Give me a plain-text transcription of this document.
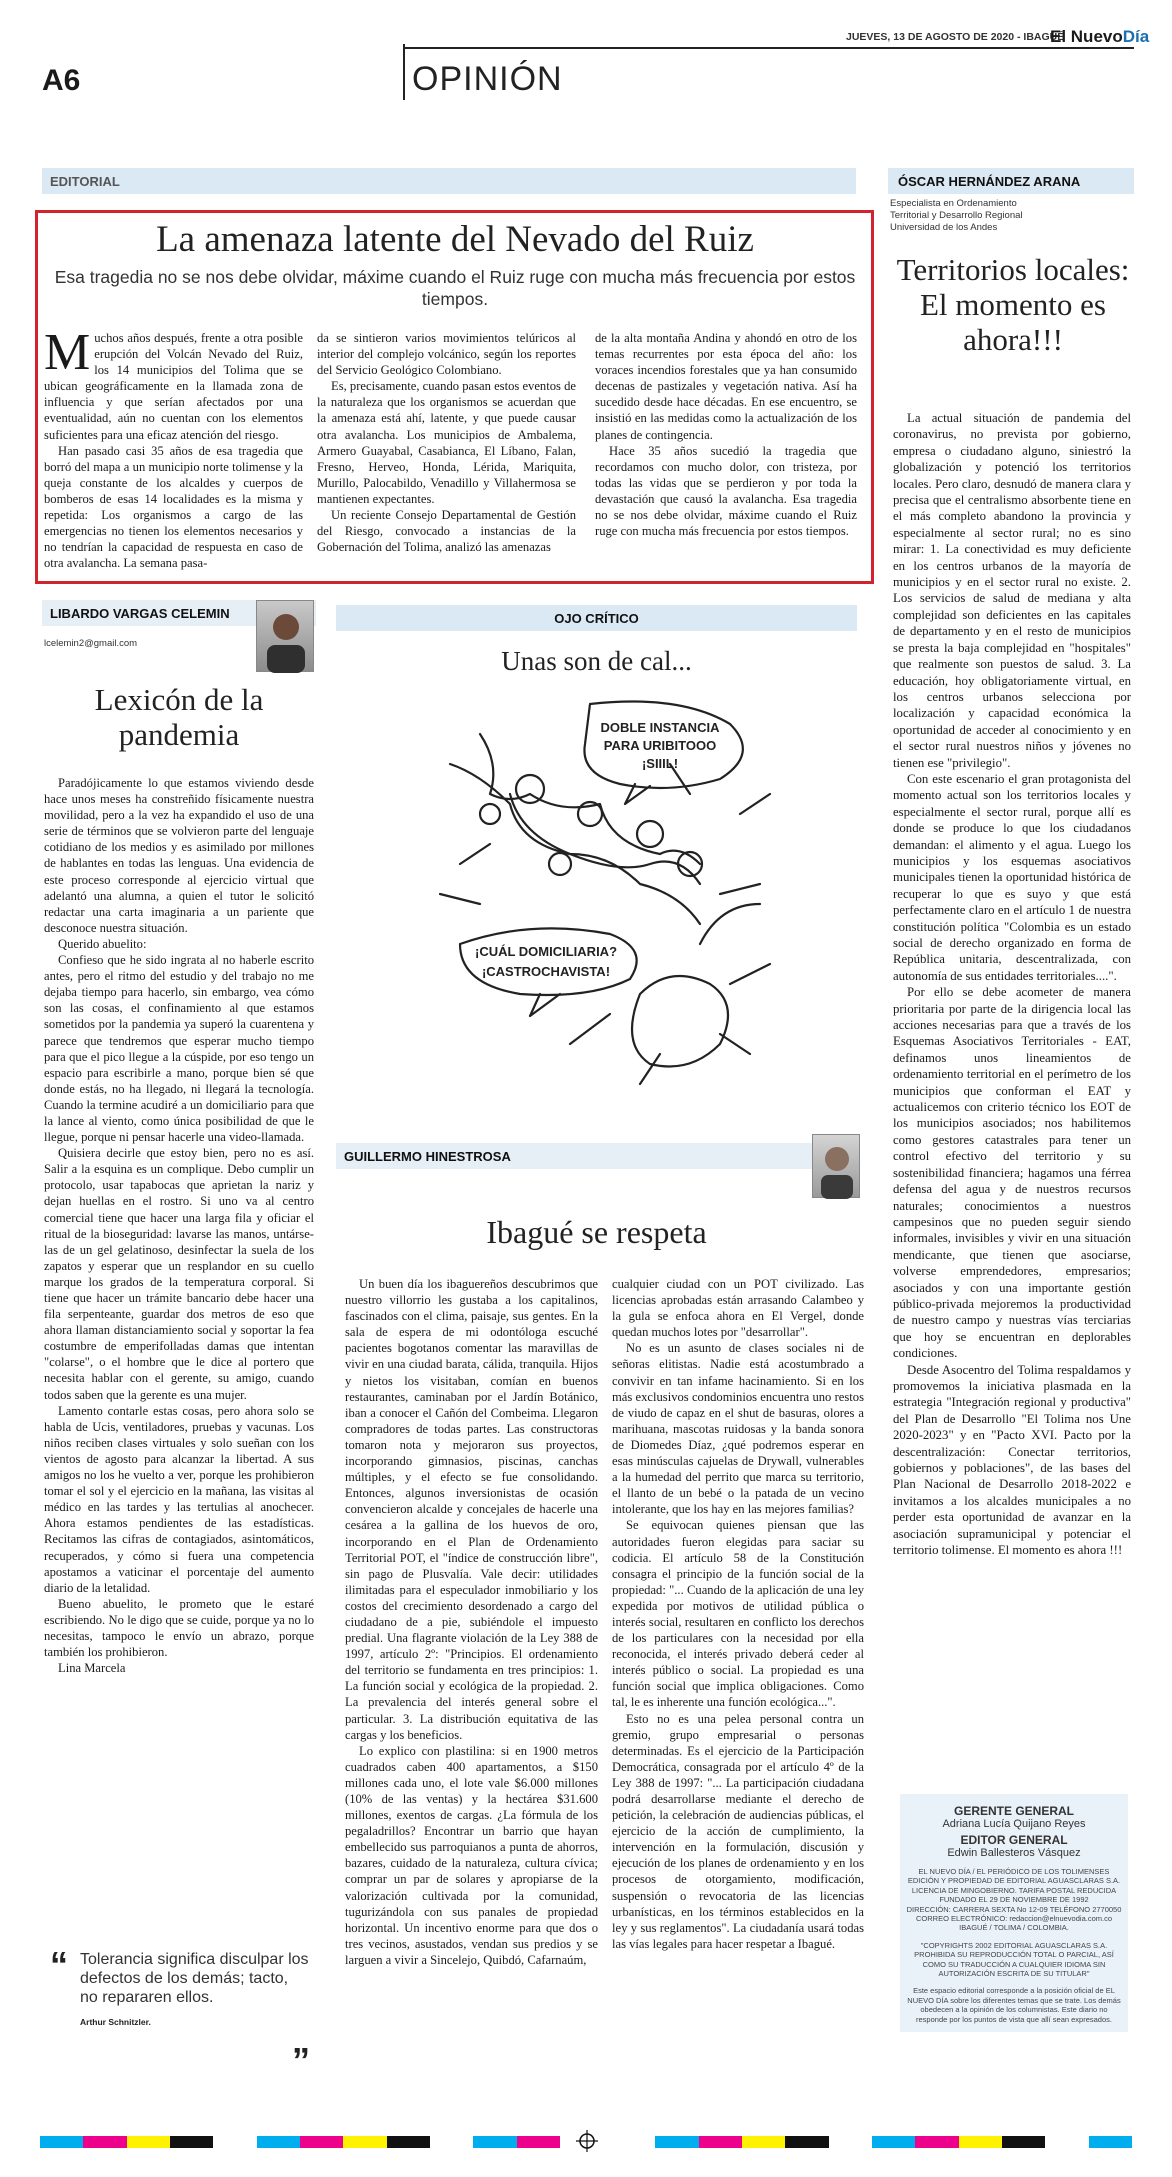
JUEVES, 13 DE AGOSTO DE 2020 - IBAGUÉ
El NuevoDía
A6	OPINIÓN
EDITORIAL
La amenaza latente del Nevado del Ruiz
Esa tragedia no se nos debe olvidar, máxime cuando el Ruiz ruge con mucha más frecuencia por estos tiempos.

Muchos años después, frente a otra posible erupción del Volcán Nevado del Ruiz, los 14 municipios del Tolima que se ubican geográficamente en la llamada zona de influencia y que serían afectados por una eventualidad, aún no cuentan con los elementos suficientes para una eficaz atención del riesgo.

Han pasado casi 35 años de esa tragedia que borró del mapa a un municipio norte tolimense y la queja constante de los alcaldes y cuerpos de bomberos de esas 14 localidades es la misma y repetida: Los organismos a cargo de las emergencias no tienen los elementos necesarios y no tendrían la capacidad de respuesta en caso de otra avalancha. La semana pasa-

da se sintieron varios movimientos telúricos al interior del complejo volcánico, según los reportes del Servicio Geológico Colombiano.

Es, precisamente, cuando pasan estos eventos de la naturaleza que los organismos se acuerdan que la amenaza está ahí, latente, y que puede causar otra avalancha. Los municipios de Ambalema, Armero Guayabal, Casabianca, El Líbano, Falan, Fresno, Herveo, Honda, Lérida, Mariquita, Murillo, Palocabildo, Venadillo y Villahermosa se mantienen expectantes.

Un reciente Consejo Departamental de Gestión del Riesgo, convocado a instancias de la Gobernación del Tolima, analizó las amenazas

de la alta montaña Andina y ahondó en otro de los temas recurrentes por esta época del año: los voraces incendios forestales que ya han consumido decenas de pastizales y vegetación nativa. Así ha sucedido desde hace décadas. En ese encuentro, se insistió en las medidas como la actualización de los planes de contingencia.

Hace 35 años sucedió la tragedia que recordamos con mucho dolor, con tristeza, por todas las vidas que se perdieron y por toda la devastación que causó la avalancha. Esa tragedia no se nos debe olvidar, máxime cuando el Ruiz ruge con mucha más frecuencia por estos tiempos.

ÓSCAR HERNÁNDEZ ARANA
Especialista en Ordenamiento
Territorial y Desarrollo Regional
Universidad de los Andes
Territorios locales: El momento es ahora!!!

La actual situación de pandemia del coronavirus, no prevista por gobierno, empresa o ciudadano alguno, siniestró la globalización y potenció los territorios locales. Pero claro, desnudó de manera clara y precisa que el centralismo absorbente tiene en el más completo abandono la provincia y especialmente al sector rural; no es sino mirar: 1. La conectividad es muy deficiente en los centros urbanos de la mayoría de municipios y en el sector rural no existe. 2. Los servicios de salud de mediana y alta complejidad son deficientes en las capitales de departamento y en el resto de municipios se presta la baja complejidad en "hospitales" que realmente son puestos de salud. 3. La educación, hoy obligatoriamente virtual, en los centros urbanos selecciona por localización y capacidad económica la oportunidad de acceder al conocimiento y en el sector rural nuestros niños y jóvenes no tienen ese "privilegio".

Con este escenario el gran protagonista del momento actual son los territorios locales y especialmente el sector rural, porque allí es donde se produce lo que los ciudadanos demandan: el alimento y el agua. Luego los municipios y los esquemas asociativos municipales tienen la oportunidad histórica de recuperar lo que es suyo y que está perfectamente claro en el artículo 1 de nuestra constitución política "Colombia es un estado social de derecho organizado en forma de República unitaria, descentralizada, con autonomía de sus entidades territoriales....".

Por ello se debe acometer de manera prioritaria por parte de la dirigencia local las acciones necesarias para que a través de los Esquemas Asociativos Territoriales - EAT, definamos unos lineamientos de ordenamiento territorial en el perímetro de los municipios que conforman el EAT y actualicemos con criterio técnico los EOT de los municipios asociados; nos habilitemos como gestores catastrales para tener un control efectivo del territorio y su sostenibilidad financiera; hagamos una férrea defensa del agua y de nuestros recursos naturales; conocimientos a nuestros campesinos que no pueden seguir siendo informales, invisibles y vivir en una situación mendicante, que tienen que asociarse, volverse emprendedores, empresarios; asociados y con una importante gestión público-privada mejoremos la productividad de nuestro campo y nuestras vías terciarias que hoy se encuentran en deplorables condiciones.

Desde Asocentro del Tolima respaldamos y promovemos la iniciativa plasmada en la estrategia "Integración regional y productiva" del Plan de Desarrollo "El Tolima nos Une 2020-2023" y en "Pacto XVI. Pacto por la descentralización: Conectar territorios, gobiernos y poblaciones", de las bases del Plan Nacional de Desarrollo 2018-2022 e invitamos a los alcaldes municipales a no perder esta oportunidad de avanzar en la asociación supramunicipal y potenciar el territorio tolimense. El momento es ahora !!!

GERENTE GENERAL
Adriana Lucía Quijano Reyes
EDITOR GENERAL
Edwin Ballesteros Vásquez
EL NUEVO DÍA / EL PERIÓDICO DE LOS TOLIMENSES
EDICIÓN Y PROPIEDAD DE EDITORIAL AGUASCLARAS S.A.
LICENCIA DE MINGOBIERNO. TARIFA POSTAL REDUCIDA
FUNDADO EL 29 DE NOVIEMBRE DE 1992
DIRECCIÓN: CARRERA SEXTA No 12-09 TELÉFONO 2770050
CORREO ELECTRÓNICO: redaccion@elnuevodia.com.co
IBAGUÉ / TOLIMA / COLOMBIA.
"COPYRIGHTS 2002 EDITORIAL AGUASCLARAS S.A. PROHIBIDA SU REPRODUCCIÓN TOTAL O PARCIAL, ASÍ COMO SU TRADUCCIÓN A CUALQUIER IDIOMA SIN AUTORIZACIÓN ESCRITA DE SU TITULAR"
Este espacio editorial corresponde a la posición oficial de EL NUEVO DÍA sobre los diferentes temas que se trate. Los demás obedecen a la opinión de los columnistas. Este diario no responde por los puntos de vista que allí sean expresados.
LIBARDO VARGAS CELEMIN
lcelemin2@gmail.com
Lexicón de la pandemia

Paradójicamente lo que estamos viviendo desde hace unos meses ha constreñido físicamente nuestra movilidad, pero a la vez ha expandido el uso de una serie de términos que se volvieron parte del lenguaje cotidiano de los medios y es asimilado por millones de hablantes en todas las lenguas. Una evidencia de este proceso corresponde al ejercicio virtual que adelantó una alumna, a quien el tutor le solicitó redactar una carta imaginaria a un pariente que desconoce nuestra situación.

Querido abuelito:

Confieso que he sido ingrata al no haberle escrito antes, pero el ritmo del estudio y del trabajo no me dejaba tiempo para hacerlo, sin embargo, vea cómo son las cosas, el confinamiento al que estamos sometidos por la pandemia ya superó la cuarentena y parece que tendremos que esperar mucho tiempo para que el pico llegue a la cúspide, por eso tengo un espacio para escribirle a mano, porque bien sé que donde estás, no ha llegado, ni llegará la tecnología. Cuando la termine acudiré a un domiciliario para que la lance al viento, como única posibilidad de que le llegue, porque ni pensar hacerle una video-llamada.

Quisiera decirle que estoy bien, pero no es así. Salir a la esquina es un complique. Debo cumplir un protocolo, usar tapabocas que aprietan la nariz y dejan huellas en el rostro. Si uno va al centro comercial tiene que hacer una larga fila y oficiar el ritual de la bioseguridad: lavarse las manos, untárselas de un gel gelatinoso, desinfectar la suela de los zapatos y esperar que un resplandor en su cuello marque los grados de la temperatura corporal. Si tiene que hacer un trámite bancario debe hacer una fila serpenteante, guardar dos metros de eso que ahora llaman distanciamiento social y soportar la fea costumbre de emperifolladas damas que intentan "colarse", o el hombre que le dice al portero que necesita hablar con el gerente, su amigo, cuando todos saben que la gerente es una mujer.

Lamento contarle estas cosas, pero ahora solo se habla de Ucis, ventiladores, pruebas y vacunas. Los niños reciben clases virtuales y solo sueñan con los vientos de agosto para alcanzar la libertad. A sus amigos no los he vuelto a ver, porque les prohibieron tomar el sol y el ejercicio en la mañana, las visitas al médico en las tardes y las tertulias al anochecer. Ahora estamos pendientes de las estadísticas. Recitamos las cifras de contagiados, asintomáticos, recuperados, y cómo si fuera una competencia apostamos a vaticinar el porcentaje del aumento diario de la letalidad.

Bueno abuelito, le prometo que le estaré escribiendo. No le digo que se cuide, porque ya no lo necesitas, tampoco le envío un abrazo, porque también los prohibieron.

Lina Marcela

“ Tolerancia significa disculpar los defectos de los demás; tacto, no repararen ellos.
Arthur Schnitzler.
”
OJO CRÍTICO
Unas son de cal...
DOBLE INSTANCIA
PARA URIBITOOO
¡SIIIL!
¡CUÁL DOMICILIARIA?
¡CASTROCHAVISTA!
GUILLERMO HINESTROSA
Ibagué se respeta

Un buen día los ibaguereños descubrimos que nuestro villorrio les gustaba a los capitalinos, fascinados con el clima, paisaje, sus gentes. En la sala de espera de mi odontóloga escuché pacientes bogotanos comentar las maravillas de vivir en una ciudad barata, cálida, tranquila. Hijos y nietos los visitaban, comían en buenos restaurantes, caminaban por el Jardín Botánico, iban a conocer el Cañón del Combeima. Llegaron compradores de todas partes. Las constructoras tomaron nota y mejoraron sus proyectos, incorporando gimnasios, piscinas, canchas múltiples, y el efecto se fue consolidando. Entonces, algunos inversionistas de ocasión convencieron alcalde y concejales de hacerle una cesárea a la gallina de los huevos de oro, incorporando en el Plan de Ordenamiento Territorial POT, el "índice de construcción libre", sin pago de Plusvalía. Vale decir: utilidades ilimitadas para el especulador inmobiliario y los costos del crecimiento desordenado a cargo del ciudadano de a pie, subiéndole el impuesto predial. Una flagrante violación de la Ley 388 de 1997, artículo 2º: "Principios. El ordenamiento del territorio se fundamenta en tres principios: 1. La función social y ecológica de la propiedad. 2. La prevalencia del interés general sobre el particular. 3. La distribución equitativa de las cargas y los beneficios.

Lo explico con plastilina: si en 1900 metros cuadrados caben 400 apartamentos, a $150 millones cada uno, el lote vale $6.000 millones (10% de las ventas) y la hectárea $31.600 millones, exentos de cargas. ¿La fórmula de los pegaladrillos? Encontrar un barrio que hayan embellecido sus parroquianos a punta de ahorros, bazares, cuidado de la naturaleza, cultura cívica; comprar un par de solares y apropiarse de la valorización cultivada por la comunidad, tugurizándola con sus panales de propiedad horizontal. Un incentivo enorme para que dos o tres vecinos, asustados, vendan sus predios y se larguen a vivir a Sincelejo, Quibdó, Cafarnaúm,

cualquier ciudad con un POT civilizado. Las licencias aprobadas están arrasando Calambeo y la gula se enfoca ahora en El Vergel, donde quedan muchos lotes por "desarrollar".

No es un asunto de clases sociales ni de señoras elitistas. Nadie está acostumbrado a convivir en tan infame hacinamiento. Si en los más exclusivos condominios encuentra uno restos de viudo de capaz en el shut de basuras, olores a marihuana, mascotas ruidosas y la banda sonora de Diomedes Díaz, ¿qué podremos esperar en esas minúsculas cajuelas de Drywall, vulnerables a la humedad del perrito que marca su territorio, el llanto de un bebé o la patada de un vecino intolerante, que los hay en las mejores familias?

Se equivocan quienes piensan que las autoridades fueron elegidas para saciar su codicia. El artículo 58 de la Constitución consagra el principio de la función social de la propiedad: "... Cuando de la aplicación de una ley expedida por motivos de utilidad pública o interés social, resultaren en conflicto los derechos de los particulares con la necesidad por ella reconocida, el interés privado deberá ceder al interés público o social. La propiedad es una función social que implica obligaciones. Como tal, le es inherente una función ecológica...".

Esto no es una pelea personal contra un gremio, grupo empresarial o personas determinadas. Es el ejercicio de la Participación Democrática, consagrada por el artículo 4º de la Ley 388 de 1997: "... La participación ciudadana podrá desarrollarse mediante el derecho de petición, la celebración de audiencias públicas, el ejercicio de la acción de cumplimiento, la intervención en la formulación, discusión y ejecución de los planes de ordenamiento y en los procesos de otorgamiento, modificación, suspensión o revocatoria de las licencias urbanísticas, en los términos establecidos en la ley y sus reglamentos". La ciudadanía usará todas las vías legales para hacer respetar a Ibagué.
